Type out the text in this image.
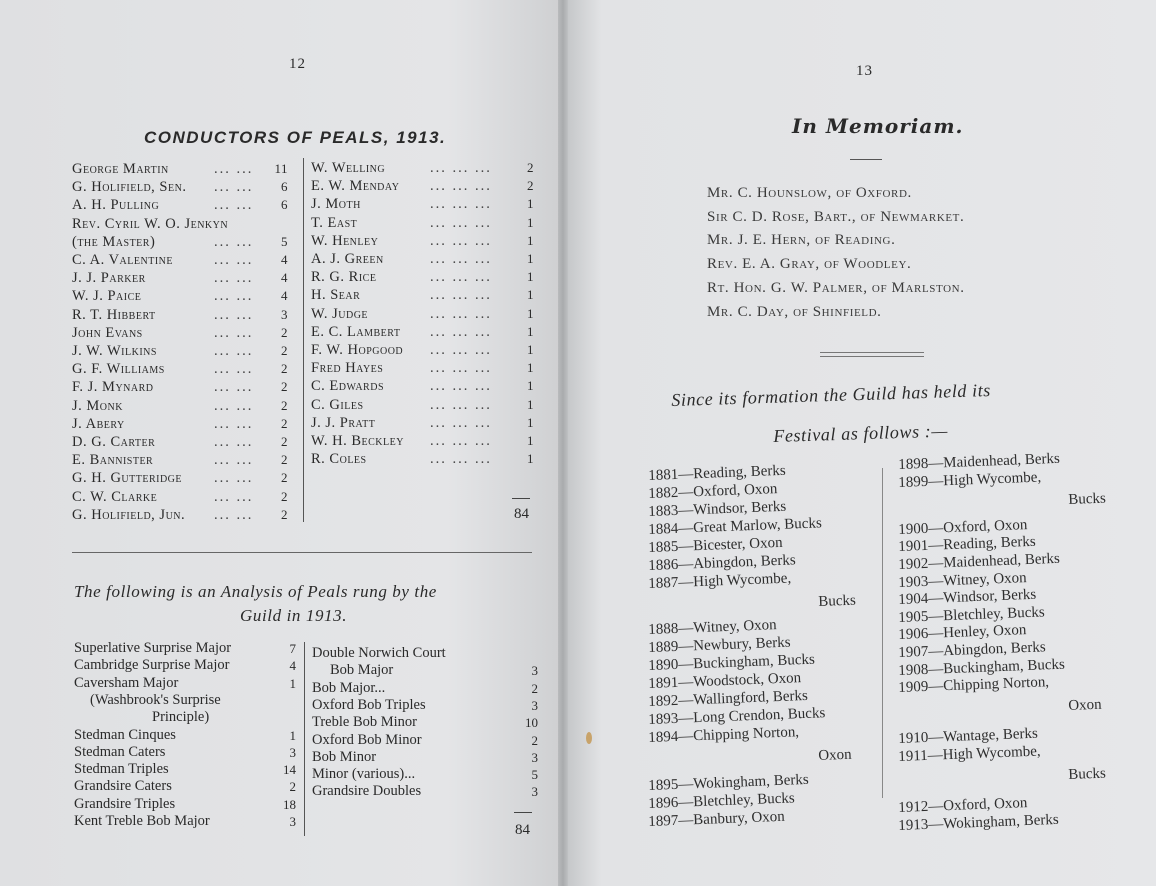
12
CONDUCTORS OF PEALS, 1913.
George Martin	... ... 11
G. Holifield, Sen. ... ...	6
A. H. Pulling	... ...	6
Rev. Cyril W. O. Jenkyn
(the Master)	... ...	5
C. A. Valentine	... ...	4
J. J. Parker	... ...	4
W. J. Paice	... ...	4
R. T. Hibbert	... ...	3
John Evans	... ...	2
J. W. Wilkins	... ...	2
G. F. Williams	... ...	2
F. J. Mynard	... ...	2
J. Monk	... ...	2
J. Abery	... ...	2
D. G. Carter	... ...	2
E. Bannister	... ...	2
G. H. Gutteridge ... ...	2
C. W. Clarke	... ...	2
G. Holifield, Jun. ... ...	2
W. Welling	... ... ...	2
E. W. Menday ... ... ...	2
J. Moth	... ... ...	1
T. East	... ... ...	1
W. Henley	... ... ...	1
A. J. Green	... ... ...	1
R. G. Rice	... ... ...	1
H. Sear	... ... ...	1
W. Judge	... ... ...	1
E. C. Lambert ... ... ...	1
F. W. Hopgood ... ... ...	1
Fred Hayes	... ... ...	1
C. Edwards	... ... ...	1
C. Giles	... ... ...	1
J. J. Pratt	... ... ...	1
W. H. Beckley ... ... ...	1
R. Coles	... ... ...	1
84
The following is an Analysis of Peals rung by the
Guild in 1913.
Superlative Surprise Major	7
Cambridge Surprise Major	4
Caversham Major	1
(Washbrook's Surprise
Principle)
Stedman Cinques	1
Stedman Caters	3
Stedman Triples	14
Grandsire Caters	2
Grandsire Triples	18
Kent Treble Bob Major	3
Double Norwich Court
Bob Major	3
Bob Major...	2
Oxford Bob Triples	3
Treble Bob Minor	10
Oxford Bob Minor	2
Bob Minor	3
Minor (various)...	5
Grandsire Doubles	3
84
13
In Memoriam.
Mr. C. Hounslow, of Oxford.
Sir C. D. Rose, Bart., of Newmarket.
Mr. J. E. Hern, of Reading.
Rev. E. A. Gray, of Woodley.
Rt. Hon. G. W. Palmer, of Marlston.
Mr. C. Day, of Shinfield.
Since its formation the Guild has held its
Festival as follows :—
1881—Reading, Berks
1882—Oxford, Oxon
1883—Windsor, Berks
1884—Great Marlow, Bucks
1885—Bicester, Oxon
1886—Abingdon, Berks
1887—High Wycombe,
Bucks
1888—Witney, Oxon
1889—Newbury, Berks
1890—Buckingham, Bucks
1891—Woodstock, Oxon
1892—Wallingford, Berks
1893—Long Crendon, Bucks
1894—Chipping Norton,
Oxon
1895—Wokingham, Berks
1896—Bletchley, Bucks
1897—Banbury, Oxon
1898—Maidenhead, Berks
1899—High Wycombe,
Bucks
1900—Oxford, Oxon
1901—Reading, Berks
1902—Maidenhead, Berks
1903—Witney, Oxon
1904—Windsor, Berks
1905—Bletchley, Bucks
1906—Henley, Oxon
1907—Abingdon, Berks
1908—Buckingham, Bucks
1909—Chipping Norton,
Oxon
1910—Wantage, Berks
1911—High Wycombe,
Bucks
1912—Oxford, Oxon
1913—Wokingham, Berks
